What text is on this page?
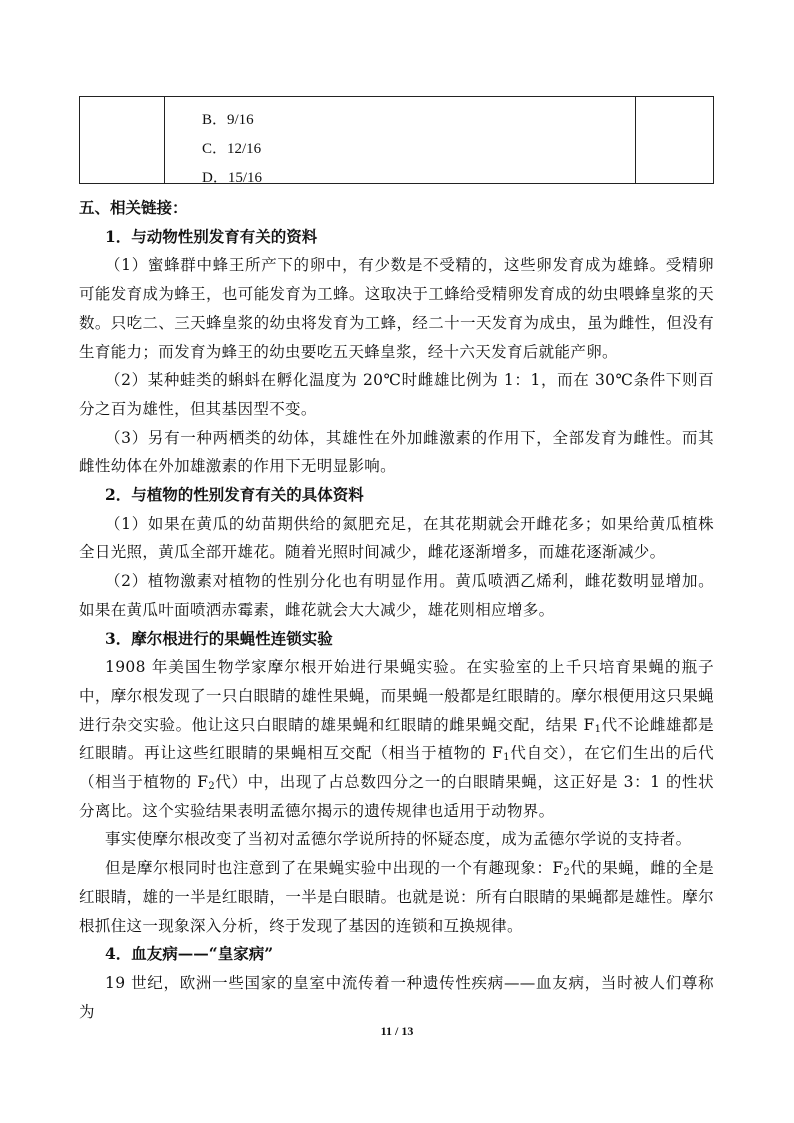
B．9/16
C．12/16
D．15/16

五、相关链接：

1．与动物性别发育有关的资料

（1）蜜蜂群中蜂王所产下的卵中，有少数是不受精的，这些卵发育成为雄蜂。受精卵可能发育成为蜂王，也可能发育为工蜂。这取决于工蜂给受精卵发育成的幼虫喂蜂皇浆的天数。只吃二、三天蜂皇浆的幼虫将发育为工蜂，经二十一天发育为成虫，虽为雌性，但没有生育能力；而发育为蜂王的幼虫要吃五天蜂皇浆，经十六天发育后就能产卵。

（2）某种蛙类的蝌蚪在孵化温度为 20℃时雌雄比例为 1：1，而在 30℃条件下则百分之百为雄性，但其基因型不变。

（3）另有一种两栖类的幼体，其雄性在外加雌激素的作用下，全部发育为雌性。而其雌性幼体在外加雄激素的作用下无明显影响。

2．与植物的性别发育有关的具体资料

（1）如果在黄瓜的幼苗期供给的氮肥充足，在其花期就会开雌花多；如果给黄瓜植株全日光照，黄瓜全部开雄花。随着光照时间减少，雌花逐渐增多，而雄花逐渐减少。

（2）植物激素对植物的性别分化也有明显作用。黄瓜喷洒乙烯利，雌花数明显增加。如果在黄瓜叶面喷洒赤霉素，雌花就会大大减少，雄花则相应增多。

3．摩尔根进行的果蝇性连锁实验

1908 年美国生物学家摩尔根开始进行果蝇实验。在实验室的上千只培育果蝇的瓶子中，摩尔根发现了一只白眼睛的雄性果蝇，而果蝇一般都是红眼睛的。摩尔根便用这只果蝇进行杂交实验。他让这只白眼睛的雄果蝇和红眼睛的雌果蝇交配，结果 $F_1$代不论雌雄都是红眼睛。再让这些红眼睛的果蝇相互交配（相当于植物的 $F_1$代自交），在它们生出的后代（相当于植物的 $F_2$代）中，出现了占总数四分之一的白眼睛果蝇，这正好是 3：1 的性状分离比。这个实验结果表明孟德尔揭示的遗传规律也适用于动物界。

事实使摩尔根改变了当初对孟德尔学说所持的怀疑态度，成为孟德尔学说的支持者。

但是摩尔根同时也注意到了在果蝇实验中出现的一个有趣现象：$F_2$代的果蝇，雌的全是红眼睛，雄的一半是红眼睛，一半是白眼睛。也就是说：所有白眼睛的果蝇都是雄性。摩尔根抓住这一现象深入分析，终于发现了基因的连锁和互换规律。

4．血友病——“皇家病”

19 世纪，欧洲一些国家的皇室中流传着一种遗传性疾病——血友病，当时被人们尊称为

11 / 13
